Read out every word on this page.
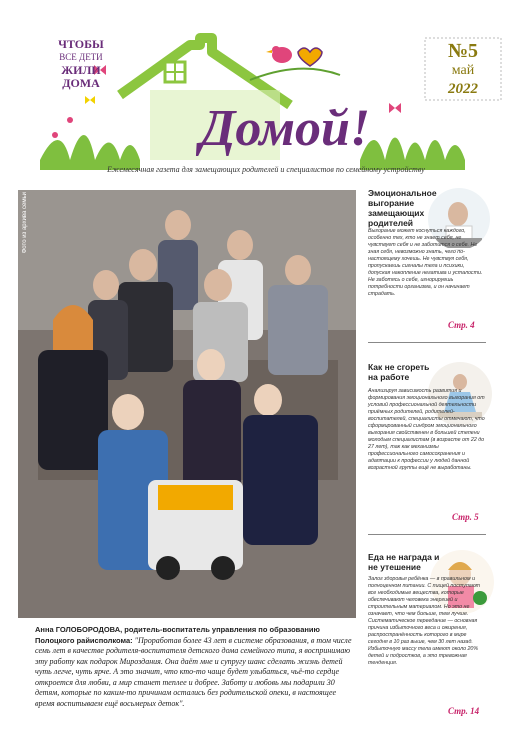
ЧТОБЫ
ВСЕ ДЕТИ
ЖИЛИ
ДОМА
№5
май
2022
Домой!
Ежемесячная газета для замещающих родителей и специалистов по семейному устройству
Фото из архива семьи
Анна ГОЛОБОРОДОВА, родитель-воспитатель управления по образованию Полоцкого райисполкома: "Проработав более 43 лет в системе образования, в том числе семь лет в качестве родителя-воспитателя детского дома семейного типа, я воспринимаю эту работу как подарок Мироздания. Она даёт мне и супругу шанс сделать жизнь детей чуть легче, чуть ярче. А это значит, что кто-то чаще будет улыбаться, чьё-то сердце откроется для любви, а мир станет теплее и добрее. Заботу и любовь мы подарили 30 детям, которые по каким-то причинам остались без родительской опеки, в настоящее время воспитываем ещё восьмерых деток".
Эмоциональное выгорание замещающих родителей
Выгорание может коснуться каждого, особенно тех, кто не знает себя, не чувствует себя и не заботится о себе. Не зная себя, невозможно знать, чего по-настоящему хочешь. Не чувствуя себя, пропускаешь сигналы тела и психики, допуская накопление негатива и усталости. Не заботясь о себе, игнорируешь потребности организма, и он начинает страдать.
Стр. 4
Как не сгореть на работе
Анализируя зависимость развития и формирования эмоционального выгорания от условий профессиональной деятельности приёмных родителей, родителей-воспитателей, специалисты отмечают, что сформированный синдром эмоционального выгорания свойственен в большей степени молодым специалистам (в возрасте от 22 до 27 лет), так как механизмы профессионального самосохранения и адаптации к профессии у людей данной возрастной группы ещё не выработаны.
Стр. 5
Еда не награда и не утешение
Залог здоровья ребёнка — в правильном и полноценном питании. С пищей поступают все необходимые вещества, которые обеспечивают человека энергией и строительным материалом. Но это не означает, что чем больше, тем лучше. Систематическое переедание — основная причина избыточного веса и ожирения, распространённость которого в мире сегодня в 10 раз выше, чем 30 лет назад. Избыточную массу тела имеют около 20% детей и подростков, а это тревожная тенденция.
Стр. 14
